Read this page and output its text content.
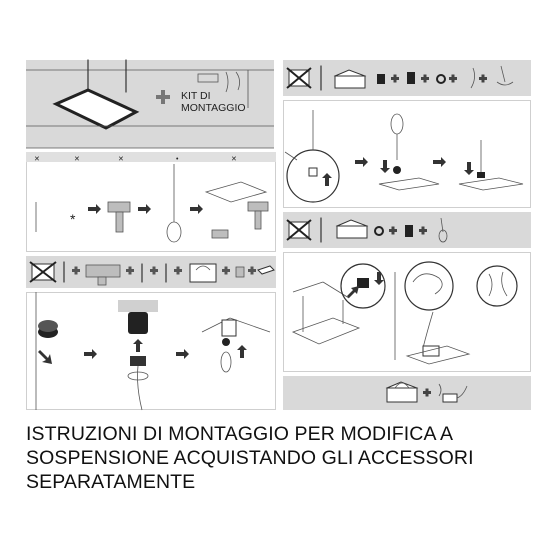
KIT DI
MONTAGGIO
✕	✕	✕	•	✕
*
ISTRUZIONI DI MONTAGGIO PER MODIFICA A
SOSPENSIONE ACQUISTANDO GLI ACCESSORI
SEPARATAMENTE
